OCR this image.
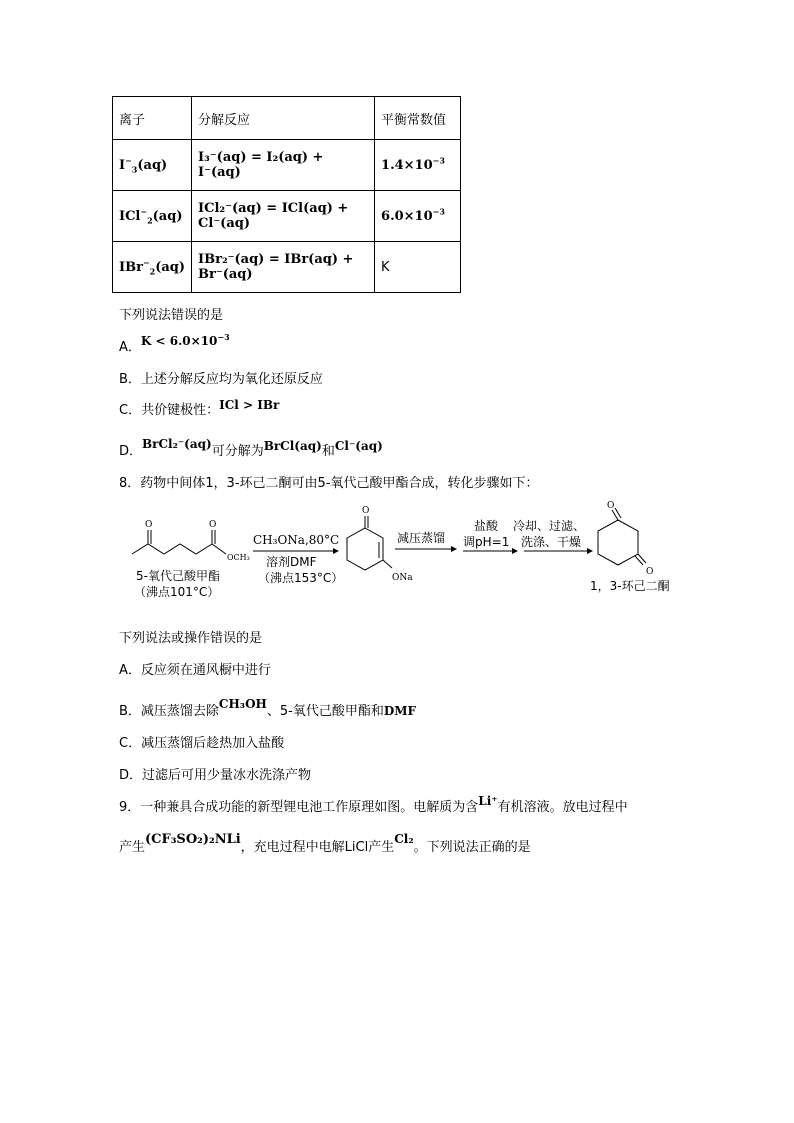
离子	分解反应	平衡常数值
$I^-_3(aq)$	I₃⁻(aq) = I₂(aq) + I⁻(aq)	$1.4\times 10^{-3}$
ICl−$_2$(aq)	ICl₂⁻(aq) = ICl(aq) + Cl⁻(aq)	$6.0\times 10^{-3}$
IBr−$_2$(aq)	IBr₂⁻(aq) = IBr(aq) + Br⁻(aq)	K
下列说法错误的是
A．$K < 6.0\times 10^{-3}$
B．上述分解反应均为氧化还原反应
C．共价键极性：ICl > IBr
D．BrCl₂⁻(aq)可分解为BrCl(aq)和Cl⁻(aq)
8．药物中间体1，3-环己二酮可由5-氧代己酸甲酯合成，转化步骤如下：
O	O
OCH₃
5-氧代己酸甲酯
（沸点101°C）
CH₃ONa,80°C
溶剂DMF
（沸点153°C）
O
ONa
减压蒸馏
盐酸
调pH=1
冷却、过滤、
洗涤、干燥
O
O
1，3-环己二酮
下列说法或操作错误的是
A．反应须在通风橱中进行
B．减压蒸馏去除CH₃OH、5-氧代己酸甲酯和DMF
C．减压蒸馏后趁热加入盐酸
D．过滤后可用少量冰水洗涤产物
9．一种兼具合成功能的新型锂电池工作原理如图。电解质为含Li⁺有机溶液。放电过程中
产生(CF₃SO₂)₂NLi，充电过程中电解LiCl产生Cl₂。下列说法正确的是
